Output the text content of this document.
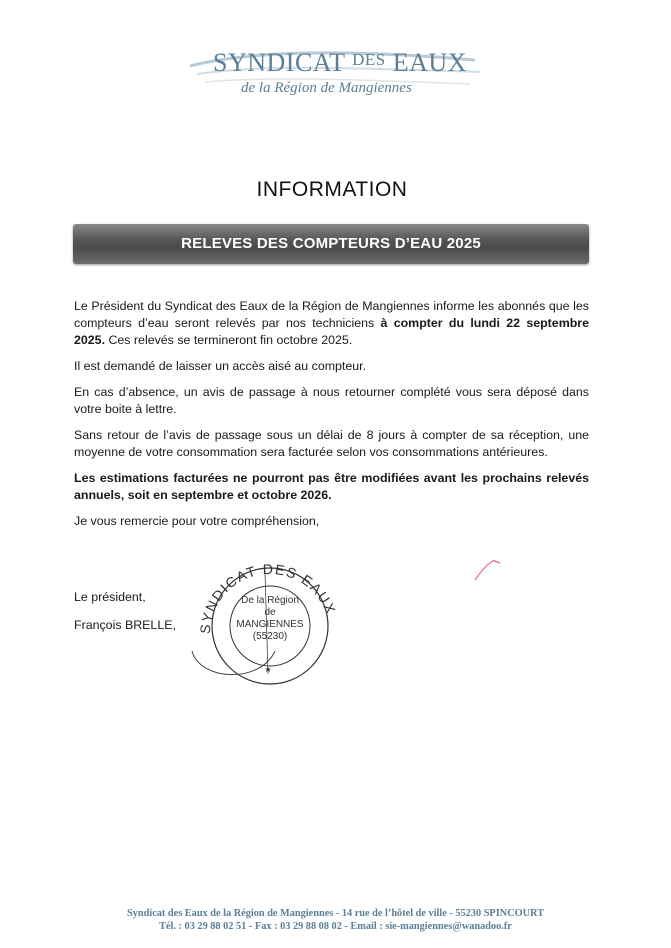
SYNDICAT $^{DES}$ EAUX
de la Région de Mangiennes
INFORMATION
RELEVES DES COMPTEURS D’EAU 2025

Le Président du Syndicat des Eaux de la Région de Mangiennes informe les abonnés que les compteurs d’eau seront relevés par nos techniciens à compter du lundi 22 septembre 2025. Ces relevés se termineront fin octobre 2025.

Il est demandé de laisser un accès aisé au compteur.

En cas d’absence, un avis de passage à nous retourner complété vous sera déposé dans votre boite à lettre.

Sans retour de l’avis de passage sous un délai de 8 jours à compter de sa réception, une moyenne de votre consommation sera facturée selon vos consommations antérieures.

Les estimations facturées ne pourront pas être modifiées avant les prochains relevés annuels, soit en septembre et octobre 2026.

Je vous remercie pour votre compréhension,

Le président,
François BRELLE, SYNDICAT DES EAUX
De la Région
de
MANGIENNES
(55230)
★
Syndicat des Eaux de la Région de Mangiennes - 14 rue de l’hôtel de ville - 55230 SPINCOURT
Tél. : 03 29 88 02 51 - Fax : 03 29 88 08 02 - Email : sie-mangiennes@wanadoo.fr
